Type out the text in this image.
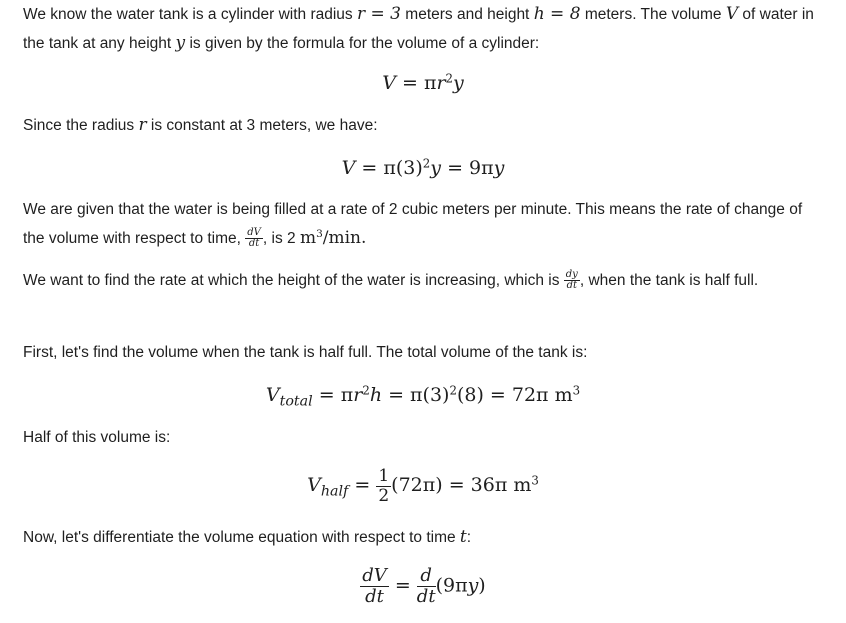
We know the water tank is a cylinder with radius r = 3 meters and height h = 8 meters. The volume V of water in the tank at any height y is given by the formula for the volume of a cylinder:
$V = \pi r^2y$
Since the radius r is constant at 3 meters, we have:
$V = \pi(3)^2y = 9\pi y$
We are given that the water is being filled at a rate of 2 cubic meters per minute. This means the rate of change of the volume with respect to time, $\frac{dV}{dt}$ , is 2 $m^3/\min$.
We want to find the rate at which the height of the water is increasing, which is $\frac{dy}{dt}$ , when the tank is half full.
First, let's find the volume when the tank is half full. The total volume of the tank is:
$V_{total} = \pi r^2h = \pi(3)^2(8) = 72\pi$ $m^3$
Half of this volume is:
$V_{half} = \frac{1}{2} (72\pi) = 36\pi$ $m^3$
Now, let's differentiate the volume equation with respect to time t:
$\frac{dV}{dt} = \frac{d}{dt} (9\pi y)$
